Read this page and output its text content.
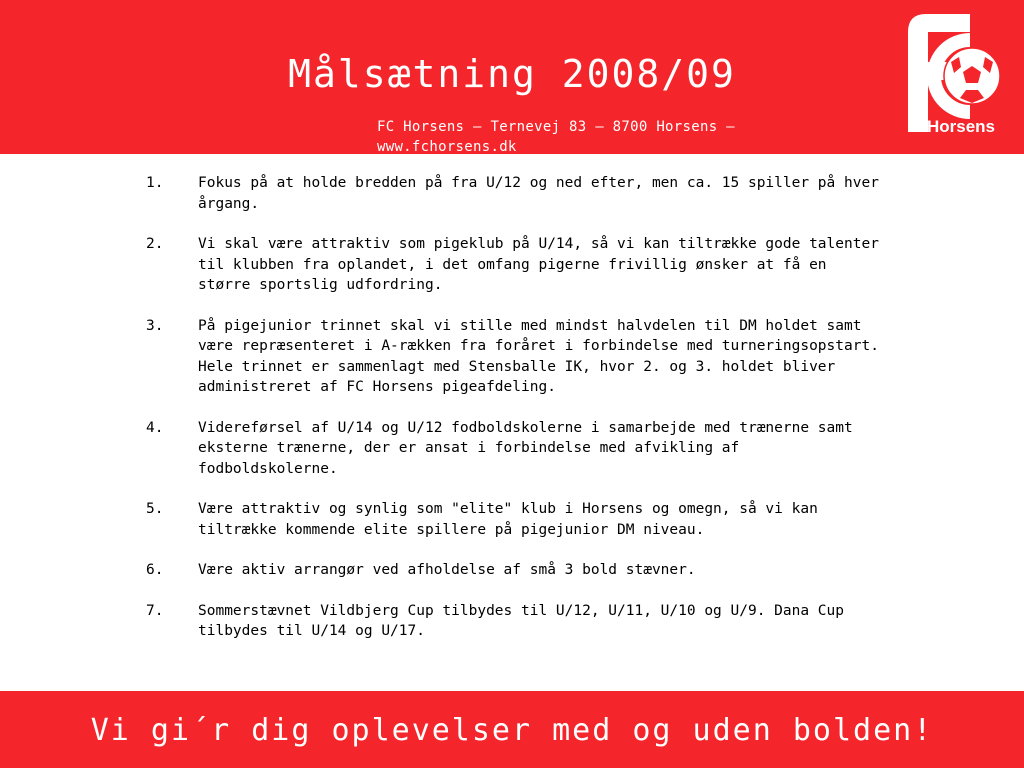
Målsætning 2008/09
FC Horsens – Ternevej 83 – 8700 Horsens – www.fchorsens.dk
Horsens
1. Fokus på at holde bredden på fra U/12 og ned efter, men ca. 15 spiller på hver årgang.
2. Vi skal være attraktiv som pigeklub på U/14, så vi kan tiltrække gode talenter til klubben fra oplandet, i det omfang pigerne frivillig ønsker at få en større sportslig udfordring.
3. På pigejunior trinnet skal vi stille med mindst halvdelen til DM holdet samt være repræsenteret i A-rækken fra foråret i forbindelse med turneringsopstart. Hele trinnet er sammenlagt med Stensballe IK, hvor 2. og 3. holdet bliver administreret af FC Horsens pigeafdeling.
4. Videreførsel af U/14 og U/12 fodboldskolerne i samarbejde med trænerne samt eksterne trænerne, der er ansat i forbindelse med afvikling af fodboldskolerne.
5. Være attraktiv og synlig som "elite" klub i Horsens og omegn, så vi kan tiltrække kommende elite spillere på pigejunior DM niveau.
6. Være aktiv arrangør ved afholdelse af små 3 bold stævner.
7. Sommerstævnet Vildbjerg Cup tilbydes til U/12, U/11, U/10 og U/9. Dana Cup tilbydes til U/14 og U/17.
Vi gi´r dig oplevelser med og uden bolden!
